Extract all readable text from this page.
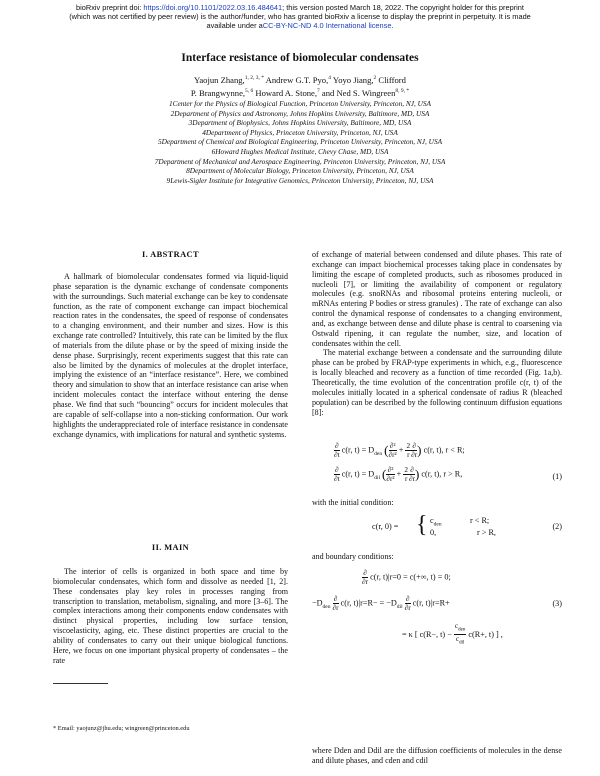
bioRxiv preprint doi: https://doi.org/10.1101/2022.03.16.484641; this version posted March 18, 2022. The copyright holder for this preprint
(which was not certified by peer review) is the author/funder, who has granted bioRxiv a license to display the preprint in perpetuity. It is made
available under aCC-BY-NC-ND 4.0 International license.
Interface resistance of biomolecular condensates
Yaojun Zhang,$^{1, 2, 3, *}$ Andrew G.T. Pyo,$^4$ Yoyo Jiang,$^2$ Clifford
P. Brangwynne,$^{5, 6}$ Howard A. Stone,$^7$ and Ned S. Wingreen$^{8, 9, *}$
1Center for the Physics of Biological Function, Princeton University, Princeton, NJ, USA
2Department of Physics and Astronomy, Johns Hopkins University, Baltimore, MD, USA
3Department of Biophysics, Johns Hopkins University, Baltimore, MD, USA
4Department of Physics, Princeton University, Princeton, NJ, USA
5Department of Chemical and Biological Engineering, Princeton University, Princeton, NJ, USA
6Howard Hughes Medical Institute, Chevy Chase, MD, USA
7Department of Mechanical and Aerospace Engineering, Princeton University, Princeton, NJ, USA
8Department of Molecular Biology, Princeton University, Princeton, NJ, USA
9Lewis-Sigler Institute for Integrative Genomics, Princeton University, Princeton, NJ, USA
I. ABSTRACT

A hallmark of biomolecular condensates formed via liquid-liquid phase separation is the dynamic exchange of condensate components with the surroundings. Such material exchange can be key to condensate function, as the rate of component exchange can impact biochemical reaction rates in the condensates, the speed of response of condensates to a changing environment, and their number and sizes. How is this exchange rate controlled? Intuitively, this rate can be limited by the flux of materials from the dilute phase or by the speed of mixing inside the dense phase. Surprisingly, recent experiments suggest that this rate can also be limited by the dynamics of molecules at the droplet interface, implying the existence of an “interface resistance”. Here, we combined theory and simulation to show that an interface resistance can arise when incident molecules contact the interface without entering the dense phase. We find that such “bouncing” occurs for incident molecules that are capable of self-collapse into a non-sticking conformation. Our work highlights the underappreciated role of interface resistance in condensate exchange dynamics, with implications for natural and synthetic systems.

II. MAIN

The interior of cells is organized in both space and time by biomolecular condensates, which form and dissolve as needed [1, 2]. These condensates play key roles in processes ranging from transcription to translation, metabolism, signaling, and more [3–6]. The complex interactions among their components endow condensates with distinct physical properties, including low surface tension, viscoelasticity, aging, etc. These distinct properties are crucial to the ability of condensates to carry out their unique biological functions. Here, we focus on one important physical property of condensates – the rate

* Email: yaojunz@jhu.edu; wingreen@princeton.edu

of exchange of material between condensed and dilute phases. This rate of exchange can impact biochemical processes taking place in condensates by limiting the escape of completed products, such as ribosomes produced in nucleoli [7], or limiting the availability of component or regulatory molecules (e.g. snoRNAs and ribosomal proteins entering nucleoli, or mRNAs entering P bodies or stress granules) . The rate of exchange can also control the dynamical response of condensates to a changing environment, and, as exchange between dense and dilute phase is central to coarsening via Ostwald ripening, it can regulate the number, size, and location of condensates within the cell.

The material exchange between a condensate and the surrounding dilute phase can be probed by FRAP-type experiments in which, e.g., fluorescence is locally bleached and recovery as a function of time recorded (Fig. 1a,b). Theoretically, the time evolution of the concentration profile c(r, t) of the molecules initially located in a spherical condensate of radius R (bleached population) can be described by the following continuum diffusion equations [8]:

$\frac{\partial}{\partial t} c(r$, $t) = D_{den}$ ( $\frac{\text{∂²}}{\text{∂r²}} + \frac{2}{r} \frac{\partial}{\partial r}$ ) c(r, t), r < R;
$\frac{\partial}{\partial t} c(r$, $t) = D_{dil}$ ( $\frac{\text{∂²}}{\text{∂r²}} + \frac{2}{r} \frac{\partial}{\partial r}$ ) c(r, t), r > R,	(1)
with the initial condition:
c(r, 0) = { $c_{den}$	r < R;
0,	r > R,
(2)
and boundary conditions:
$\frac{\partial}{\partial r} c(r$, t)|r=0 = c(+∞, t) = 0;
$-D_{den} \frac{\partial}{\partial r} c(r$, $t)|r=R- = -D_{dil} \frac{\partial}{\partial r} c(r$, t)|r=R+	(3)
= κ [ c(R−, $t) - \frac{c_{den}}{c_{dil}} c(R+$, t) ] ,

where Dden and Ddil are the diffusion coefficients of molecules in the dense and dilute phases, and cden and cdil
